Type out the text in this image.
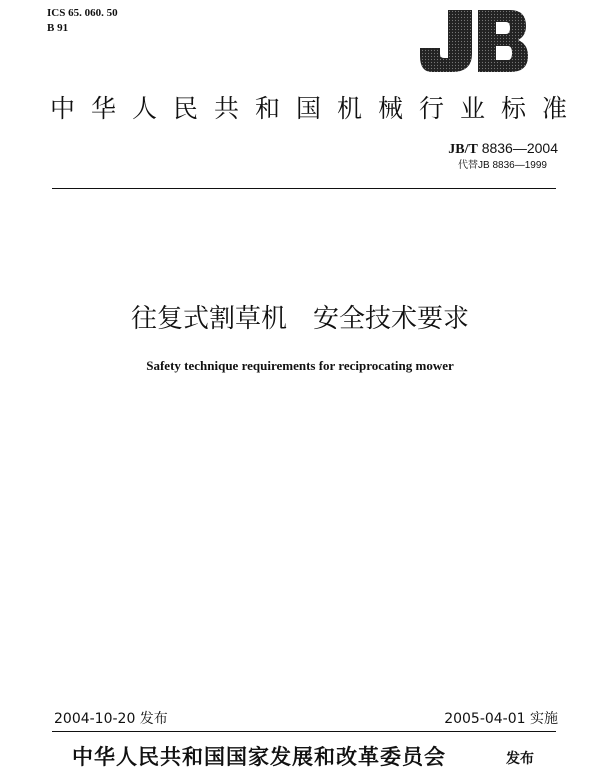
ICS 65. 060. 50
B 91
中华人民共和国机械行业标准
JB/T 8836—2004
代替JB 8836—1999
往复式割草机　安全技术要求
Safety technique requirements for reciprocating mower
2004-10-20 发布	2005-04-01 实施
中华人民共和国国家发展和改革委员会	发布
